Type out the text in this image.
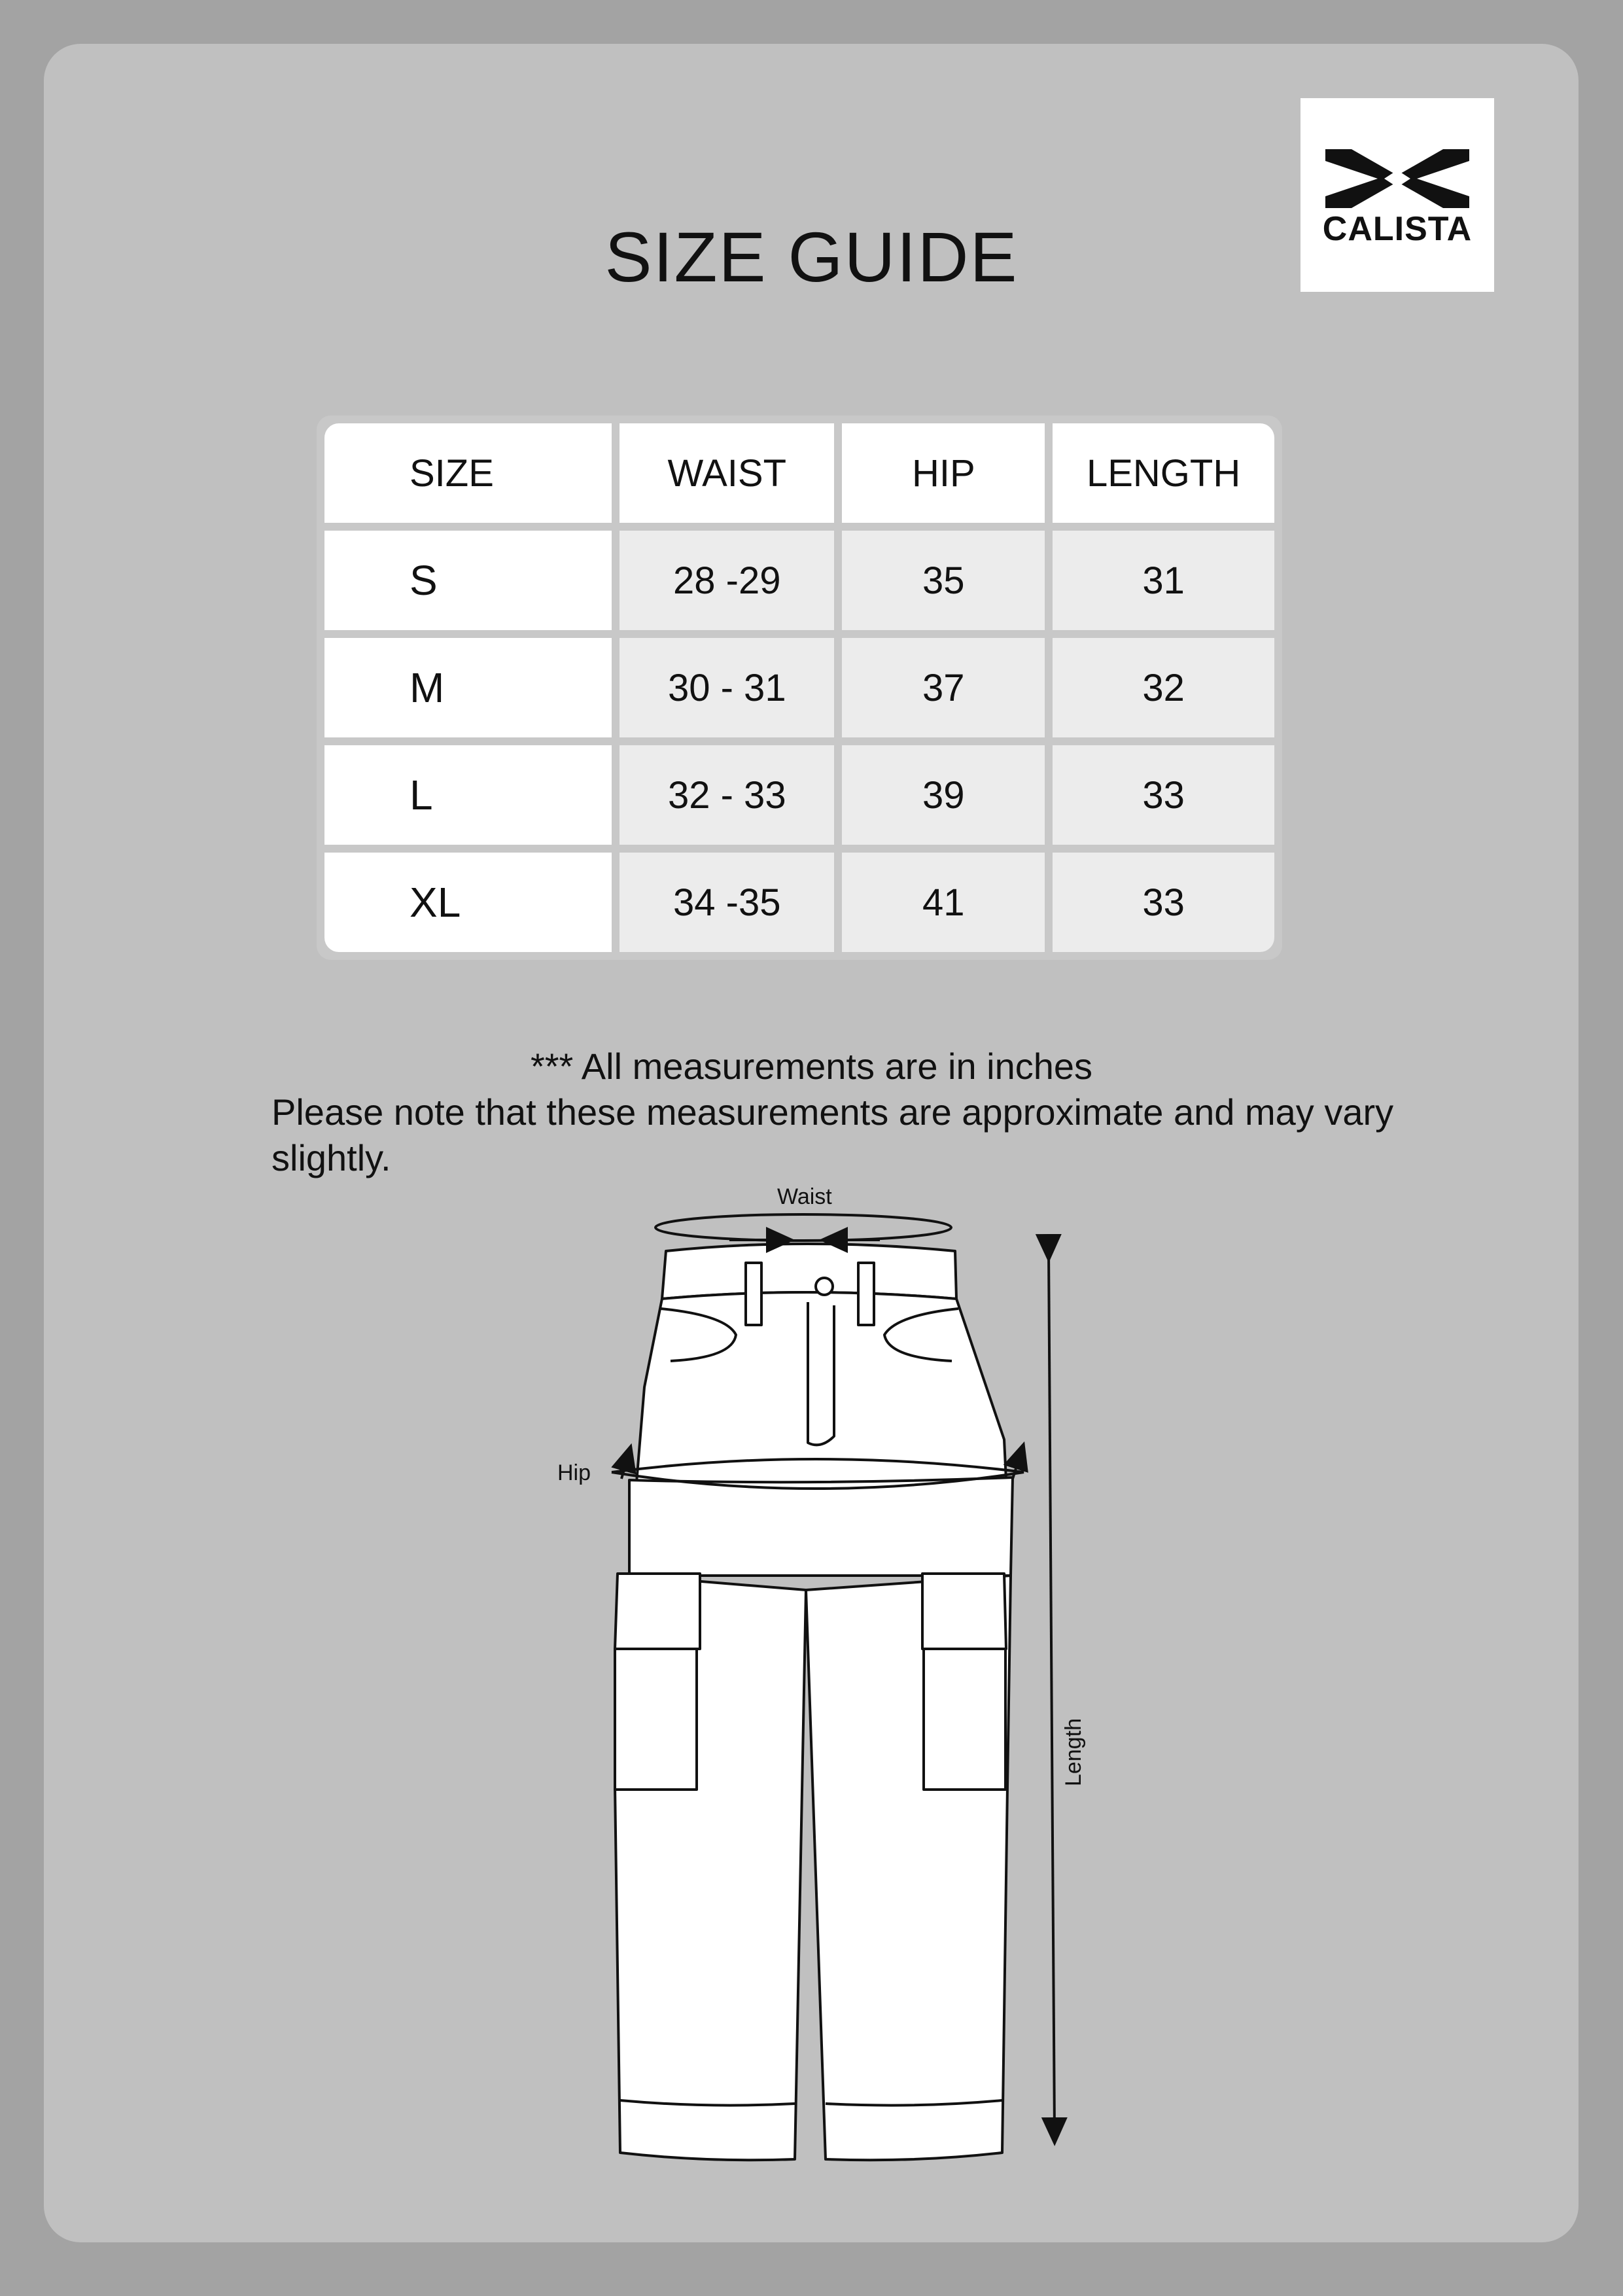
CALISTA
SIZE GUIDE
SIZE	WAIST	HIP	LENGTH
S	28 -29	35	31
M	30 - 31	37	32
L	32 - 33	39	33
XL	34 -35	41	33

*** All measurements are in inches

Please note that these measurements are approximate and may vary slightly.

Waist
Hip
Length
